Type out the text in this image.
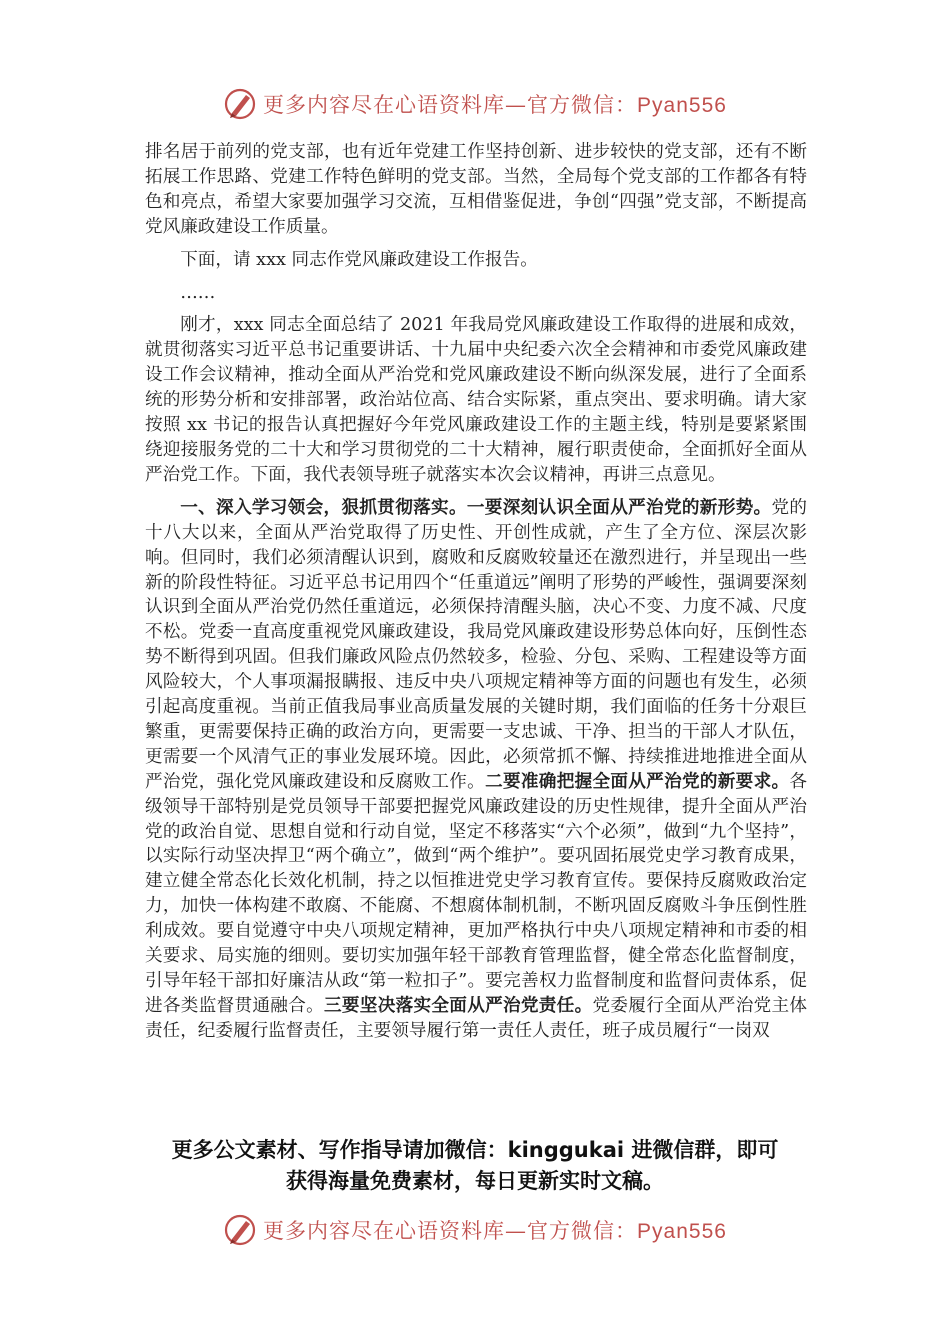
更多内容尽在心语资料库—官方微信：Pyan556

排名居于前列的党支部，也有近年党建工作坚持创新、进步较快的党支部，还有不断拓展工作思路、党建工作特色鲜明的党支部。当然，全局每个党支部的工作都各有特色和亮点，希望大家要加强学习交流，互相借鉴促进，争创“四强”党支部，不断提高党风廉政建设工作质量。

下面，请 xxx 同志作党风廉政建设工作报告。

……

刚才，xxx 同志全面总结了 2021 年我局党风廉政建设工作取得的进展和成效，就贯彻落实习近平总书记重要讲话、十九届中央纪委六次全会精神和市委党风廉政建设工作会议精神，推动全面从严治党和党风廉政建设不断向纵深发展，进行了全面系统的形势分析和安排部署，政治站位高、结合实际紧，重点突出、要求明确。请大家按照 xx 书记的报告认真把握好今年党风廉政建设工作的主题主线，特别是要紧紧围绕迎接服务党的二十大和学习贯彻党的二十大精神，履行职责使命，全面抓好全面从严治党工作。下面，我代表领导班子就落实本次会议精神，再讲三点意见。

一、深入学习领会，狠抓贯彻落实。一要深刻认识全面从严治党的新形势。党的十八大以来，全面从严治党取得了历史性、开创性成就，产生了全方位、深层次影响。但同时，我们必须清醒认识到，腐败和反腐败较量还在激烈进行，并呈现出一些新的阶段性特征。习近平总书记用四个“任重道远”阐明了形势的严峻性，强调要深刻认识到全面从严治党仍然任重道远，必须保持清醒头脑，决心不变、力度不减、尺度不松。党委一直高度重视党风廉政建设，我局党风廉政建设形势总体向好，压倒性态势不断得到巩固。但我们廉政风险点仍然较多，检验、分包、采购、工程建设等方面风险较大，个人事项漏报瞒报、违反中央八项规定精神等方面的问题也有发生，必须引起高度重视。当前正值我局事业高质量发展的关键时期，我们面临的任务十分艰巨繁重，更需要保持正确的政治方向，更需要一支忠诚、干净、担当的干部人才队伍，更需要一个风清气正的事业发展环境。因此，必须常抓不懈、持续推进地推进全面从严治党，强化党风廉政建设和反腐败工作。二要准确把握全面从严治党的新要求。各级领导干部特别是党员领导干部要把握党风廉政建设的历史性规律，提升全面从严治党的政治自觉、思想自觉和行动自觉，坚定不移落实“六个必须”，做到“九个坚持”，以实际行动坚决捍卫“两个确立”，做到“两个维护”。要巩固拓展党史学习教育成果，建立健全常态化长效化机制，持之以恒推进党史学习教育宣传。要保持反腐败政治定力，加快一体构建不敢腐、不能腐、不想腐体制机制，不断巩固反腐败斗争压倒性胜利成效。要自觉遵守中央八项规定精神，更加严格执行中央八项规定精神和市委的相关要求、局实施的细则。要切实加强年轻干部教育管理监督，健全常态化监督制度，引导年轻干部扣好廉洁从政“第一粒扣子”。要完善权力监督制度和监督问责体系，促进各类监督贯通融合。三要坚决落实全面从严治党责任。党委履行全面从严治党主体责任，纪委履行监督责任，主要领导履行第一责任人责任，班子成员履行“一岗双

更多公文素材、写作指导请加微信：kinggukai 进微信群，即可
获得海量免费素材，每日更新实时文稿。
更多内容尽在心语资料库—官方微信：Pyan556
